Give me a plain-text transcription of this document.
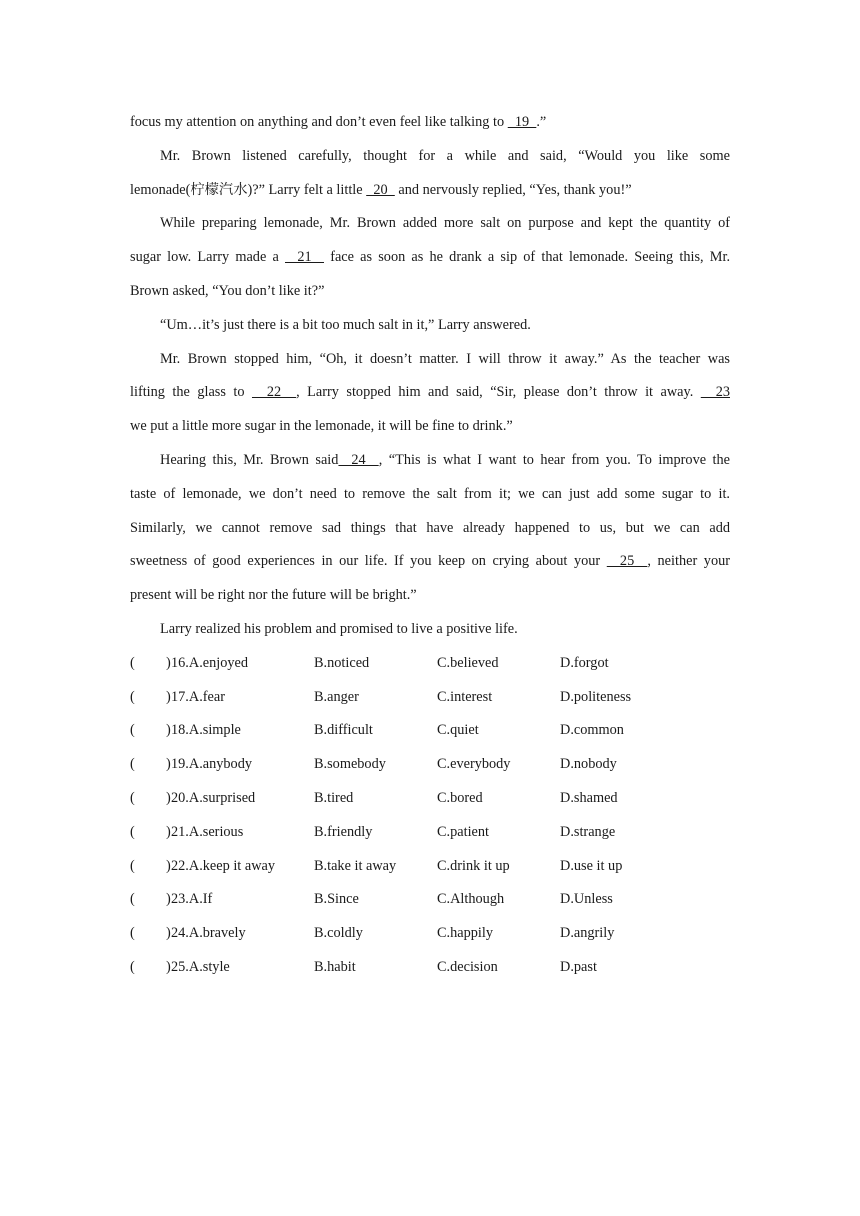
focus my attention on anything and don’t even feel like talking to   19  .”
Mr. Brown listened carefully, thought for a while and said, “Would you like some
lemonade(柠檬汽水)?” Larry felt a little   20   and nervously replied, “Yes, thank you!”
While preparing lemonade, Mr. Brown added more salt on purpose and kept the quantity of
sugar low. Larry made a   21   face as soon as he drank a sip of that lemonade. Seeing this, Mr.
Brown asked, “You don’t like it?”
“Um…it’s just there is a bit too much salt in it,” Larry answered.
Mr. Brown stopped him, “Oh, it doesn’t matter. I will throw it away.” As the teacher was
lifting the glass to   22  , Larry stopped him and said, “Sir, please don’t throw it away.   23
we put a little more sugar in the lemonade, it will be fine to drink.”
Hearing this, Mr. Brown said  24  , “This is what I want to hear from you. To improve the
taste of lemonade, we don’t need to remove the salt from it; we can just add some sugar to it.
Similarly, we cannot remove sad things that have already happened to us, but we can add
sweetness of good experiences in our life. If you keep on crying about your   25  , neither your
present will be right nor the future will be bright.”
Larry realized his problem and promised to live a positive life.
( ) 16.A.enjoyed	B.noticed	C.believed	D.forgot
( ) 17.A.fear	B.anger	C.interest	D.politeness
( ) 18.A.simple	B.difficult	C.quiet	D.common
( ) 19.A.anybody	B.somebody	C.everybody	D.nobody
( ) 20.A.surprised	B.tired	C.bored	D.shamed
( ) 21.A.serious	B.friendly	C.patient	D.strange
( ) 22.A.keep it away	B.take it away	C.drink it up	D.use it up
( ) 23.A.If	B.Since	C.Although	D.Unless
( ) 24.A.bravely	B.coldly	C.happily	D.angrily
( ) 25.A.style	B.habit	C.decision	D.past
